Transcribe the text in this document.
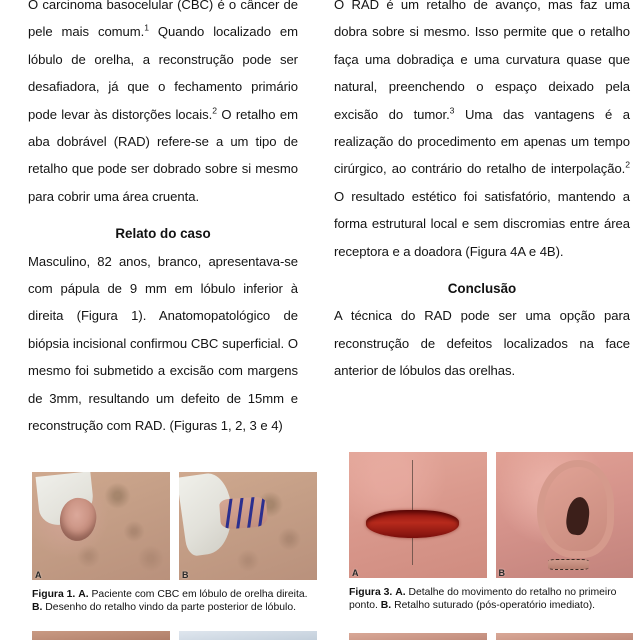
O carcinoma basocelular (CBC) é o câncer de pele mais comum.$^1$ Quando localizado em lóbulo de orelha, a reconstrução pode ser desafiadora, já que o fechamento primário pode levar às distorções locais.$^2$ O retalho em aba dobrável (RAD) refere-se a um tipo de retalho que pode ser dobrado sobre si mesmo para cobrir uma área cruenta.

Relato do caso

Masculino, 82 anos, branco, apresentava-se com pápula de 9 mm em lóbulo inferior à direita (Figura 1). Anatomopatológico de biópsia incisional confirmou CBC superficial. O mesmo foi submetido a excisão com margens de 3mm, resultando um defeito de 15mm e reconstrução com RAD. (Figuras 1, 2, 3 e 4)

O RAD é um retalho de avanço, mas faz uma dobra sobre si mesmo. Isso permite que o retalho faça uma dobradiça e uma curvatura quase que natural, preenchendo o espaço deixado pela excisão do tumor.$^3$ Uma das vantagens é a realização do procedimento em apenas um tempo cirúrgico, ao contrário do retalho de interpolação.$^2$ O resultado estético foi satisfatório, mantendo a forma estrutural local e sem discromias entre área receptora e a doadora (Figura 4A e 4B).

Conclusão

A técnica do RAD pode ser uma opção para reconstrução de defeitos localizados na face anterior de lóbulos das orelhas.

A	B
Figura 1. A. Paciente com CBC em lóbulo de orelha direita. B. Desenho do retalho vindo da parte posterior de lóbulo.
A	B
Figura 3. A. Detalhe do movimento do retalho no primeiro ponto. B. Retalho suturado (pós-operatório imediato).
